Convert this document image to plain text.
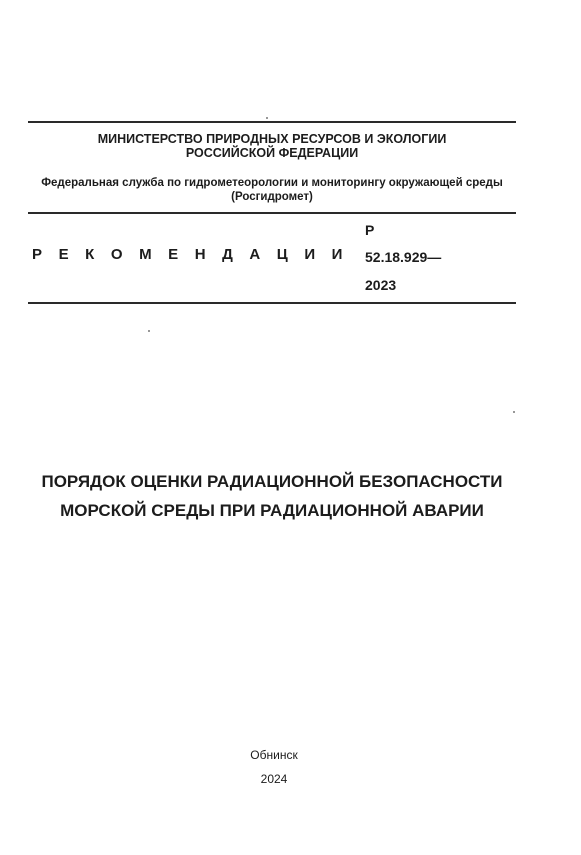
МИНИСТЕРСТВО ПРИРОДНЫХ РЕСУРСОВ И ЭКОЛОГИИ
РОССИЙСКОЙ ФЕДЕРАЦИИ
Федеральная служба по гидрометеорологии и мониторингу окружающей среды
(Росгидромет)
Р Е К О М Е Н Д А Ц И И
Р
52.18.929—
2023
ПОРЯДОК ОЦЕНКИ РАДИАЦИОННОЙ БЕЗОПАСНОСТИ
МОРСКОЙ СРЕДЫ ПРИ РАДИАЦИОННОЙ АВАРИИ
Обнинск
2024
